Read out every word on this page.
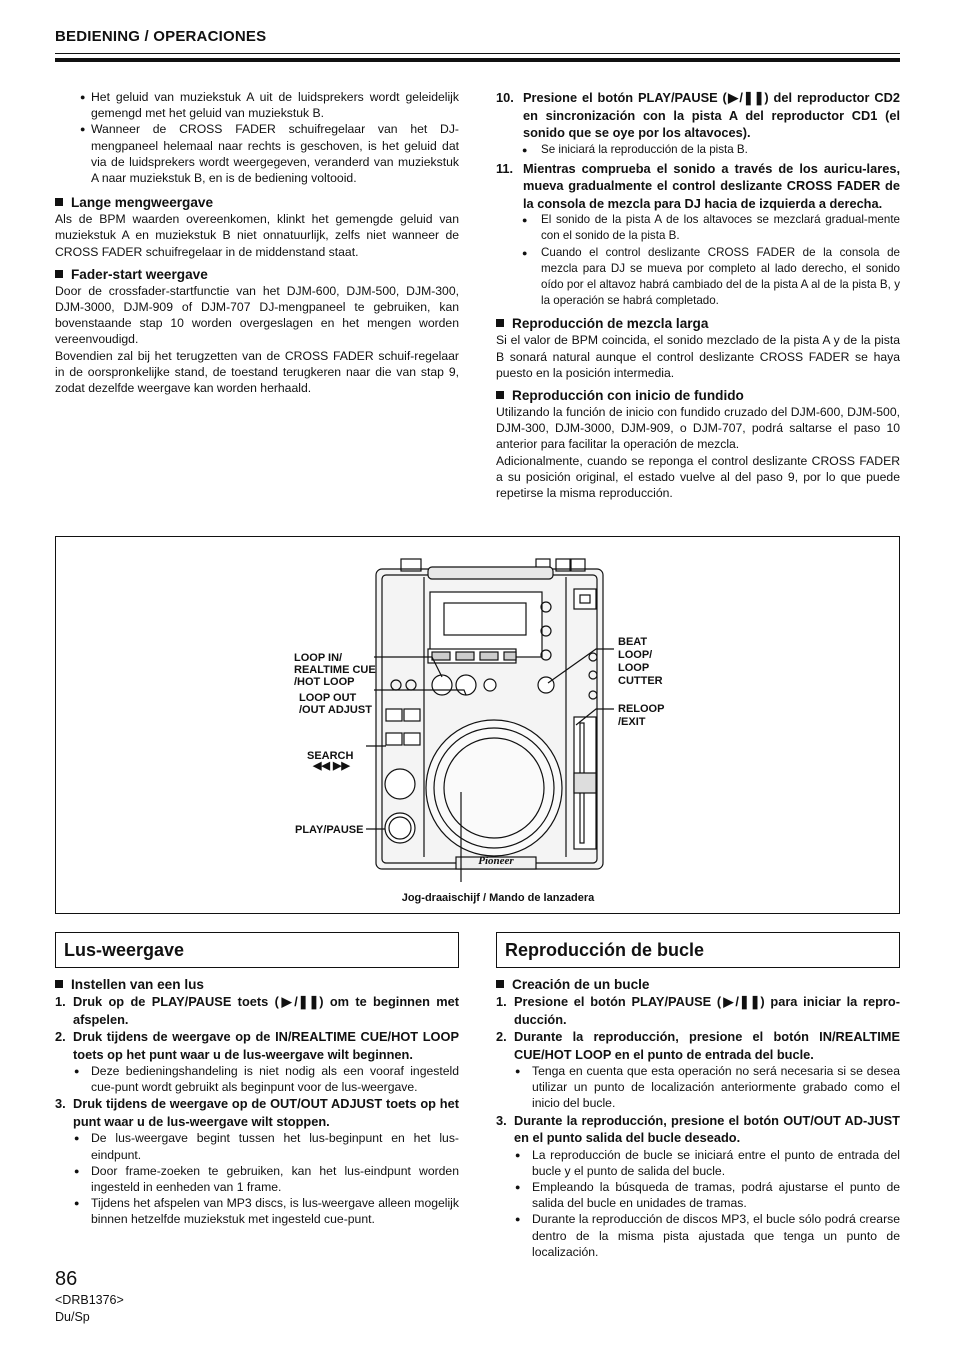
BEDIENING / OPERACIONES
● Het geluid van muziekstuk A uit de luidsprekers wordt geleidelijk gemengd met het geluid van muziekstuk B.
● Wanneer de CROSS FADER schuifregelaar van het DJ-mengpaneel helemaal naar rechts is geschoven, is het geluid dat via de luidsprekers wordt weergegeven, veranderd van muziekstuk A naar muziekstuk B, en is de bediening voltooid.
Lange mengweergave

Als de BPM waarden overeenkomen, klinkt het gemengde geluid van muziekstuk A en muziekstuk B niet onnatuurlijk, zelfs niet wanneer de CROSS FADER schuifregelaar in de middenstand staat.

Fader-start weergave

Door de crossfader-startfunctie van het DJM-600, DJM-500, DJM-300, DJM-3000, DJM-909 of DJM-707 DJ-mengpaneel te gebruiken, kan bovenstaande stap 10 worden overgeslagen en het mengen worden vereenvoudigd.

Bovendien zal bij het terugzetten van de CROSS FADER schuif-regelaar in de oorspronkelijke stand, de toestand terugkeren naar die van stap 9, zodat dezelfde weergave kan worden herhaald.

10. Presione el botón PLAY/PAUSE (▶/❚❚) del reproductor CD2 en sincronización con la pista A del reproductor CD1 (el sonido que se oye por los altavoces).
● Se iniciará la reproducción de la pista B.
11. Mientras comprueba el sonido a través de los auricu-lares, mueva gradualmente el control deslizante CROSS FADER de la consola de mezcla para DJ hacia de izquierda a derecha.
● El sonido de la pista A de los altavoces se mezclará gradual-mente con el sonido de la pista B.
● Cuando el control deslizante CROSS FADER de la consola de mezcla para DJ se mueva por completo al lado derecho, el sonido oído por el altavoz habrá cambiado del de la pista A al de la pista B, y la operación se habrá completado.
Reproducción de mezcla larga

Si el valor de BPM coincida, el sonido mezclado de la pista A y de la pista B sonará natural aunque el control deslizante CROSS FADER se haya puesto en la posición intermedia.

Reproducción con inicio de fundido

Utilizando la función de inicio con fundido cruzado del DJM-600, DJM-500, DJM-300, DJM-3000, DJM-909, o DJM-707, podrá saltarse el paso 10 anterior para facilitar la operación de mezcla.

Adicionalmente, cuando se reponga el control deslizante CROSS FADER a su posición original, el estado vuelve al del paso 9, por lo que puede repetirse la misma reproducción.

Pioneer
LOOP IN/
REALTIME CUE
/HOT LOOP
LOOP OUT
/OUT ADJUST
SEARCH
◀◀ ▶▶
PLAY/PAUSE
BEAT
LOOP/
LOOP
CUTTER
RELOOP
/EXIT
Jog-draaischijf / Mando de lanzadera
Lus-weergave	Reproducción de bucle
Instellen van een lus
1. Druk op de PLAY/PAUSE toets (▶/❚❚) om te beginnen met afspelen.
2. Druk tijdens de weergave op de IN/REALTIME CUE/HOT LOOP toets op het punt waar u de lus-weergave wilt beginnen.
● Deze bedieningshandeling is niet nodig als een vooraf ingesteld cue-punt wordt gebruikt als beginpunt voor de lus-weergave.
3. Druk tijdens de weergave op de OUT/OUT ADJUST toets op het punt waar u de lus-weergave wilt stoppen.
● De lus-weergave begint tussen het lus-beginpunt en het lus-eindpunt.
● Door frame-zoeken te gebruiken, kan het lus-eindpunt worden ingesteld in eenheden van 1 frame.
● Tijdens het afspelen van MP3 discs, is lus-weergave alleen mogelijk binnen hetzelfde muziekstuk met ingesteld cue-punt.
Creación de un bucle
1. Presione el botón PLAY/PAUSE (▶/❚❚) para iniciar la repro-ducción.
2. Durante la reproducción, presione el botón IN/REALTIME CUE/HOT LOOP en el punto de entrada del bucle.
● Tenga en cuenta que esta operación no será necesaria si se desea utilizar un punto de localización anteriormente grabado como el inicio del bucle.
3. Durante la reproducción, presione el botón OUT/OUT AD-JUST en el punto salida del bucle deseado.
● La reproducción de bucle se iniciará entre el punto de entrada del bucle y el punto de salida del bucle.
● Empleando la búsqueda de tramas, podrá ajustarse el punto de salida del bucle en unidades de tramas.
● Durante la reproducción de discos MP3, el bucle sólo podrá crearse dentro de la misma pista ajustada que tenga un punto de localización.
86
<DRB1376>
Du/Sp
